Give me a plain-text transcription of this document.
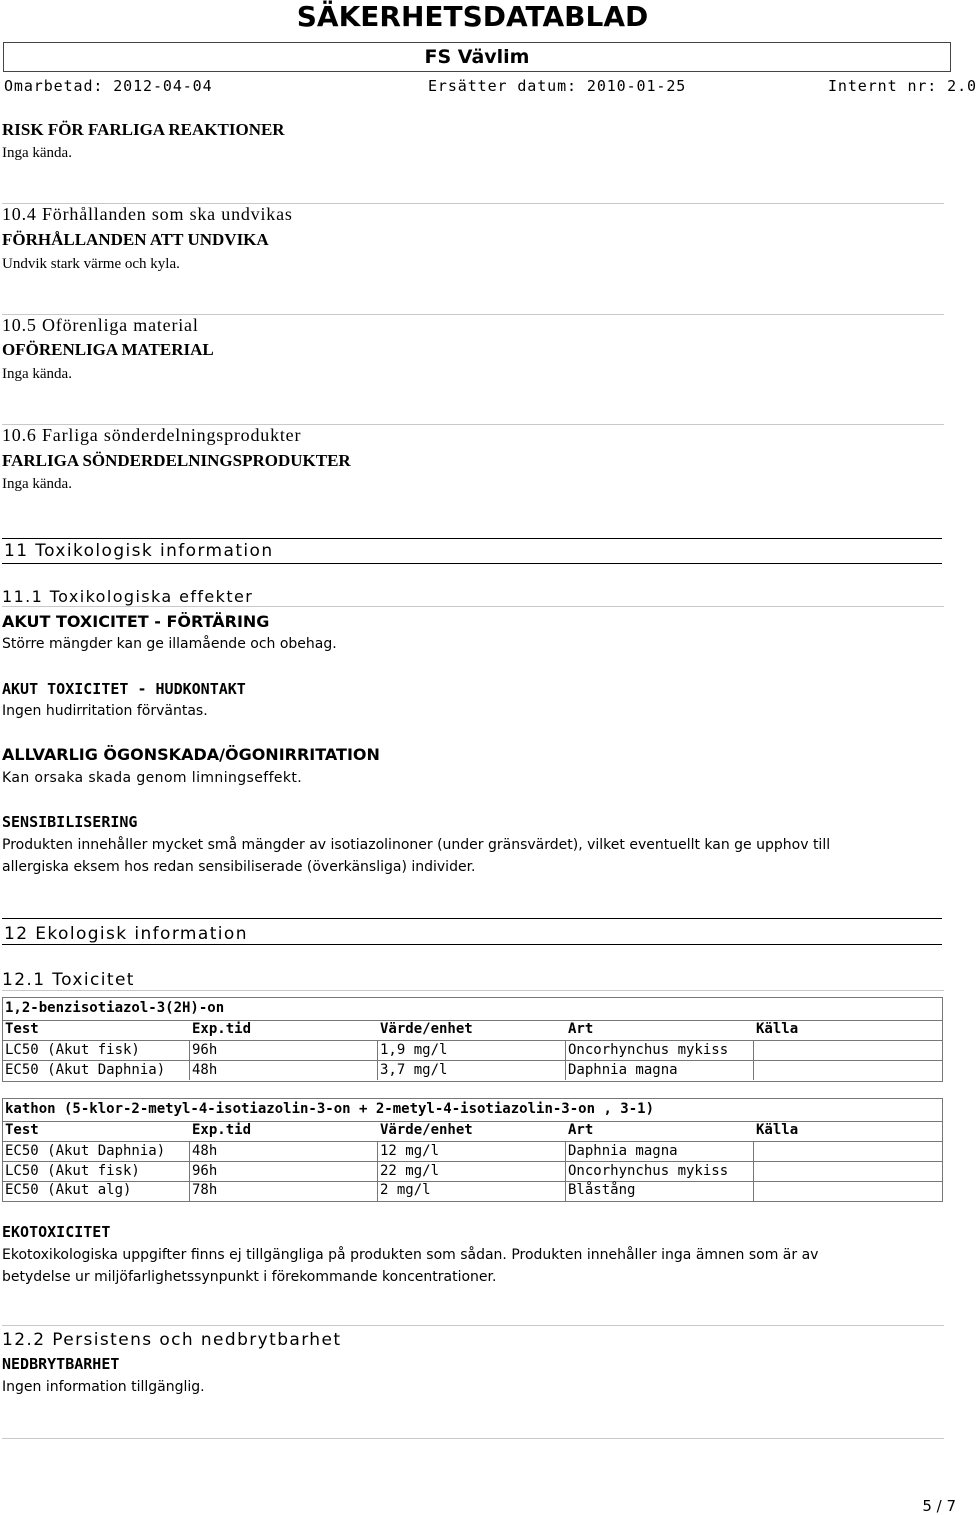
SÄKERHETSDATABLAD
FS Vävlim
Omarbetad: 2012-04-04	Ersätter datum: 2010-01-25	Internt nr: 2.0
RISK FÖR FARLIGA REAKTIONER
Inga kända.
10.4 Förhållanden som ska undvikas
FÖRHÅLLANDEN ATT UNDVIKA
Undvik stark värme och kyla.
10.5 Oförenliga material
OFÖRENLIGA MATERIAL
Inga kända.
10.6 Farliga sönderdelningsprodukter
FARLIGA SÖNDERDELNINGSPRODUKTER
Inga kända.
11 Toxikologisk information
11.1 Toxikologiska effekter
AKUT TOXICITET - FÖRTÄRING
Större mängder kan ge illamående och obehag.
AKUT TOXICITET - HUDKONTAKT
Ingen hudirritation förväntas.
ALLVARLIG ÖGONSKADA/ÖGONIRRITATION
Kan orsaka skada genom limningseffekt.
SENSIBILISERING
Produkten innehåller mycket små mängder av isotiazolinoner (under gränsvärdet), vilket eventuellt kan ge upphov till
allergiska eksem hos redan sensibiliserade (överkänsliga) individer.
12 Ekologisk information
12.1 Toxicitet
1,2-benzisotiazol-3(2H)-on
Test	Exp.tid	Värde/enhet	Art	Källa
LC50 (Akut fisk)	96h	1,9 mg/l	Oncorhynchus mykiss
EC50 (Akut Daphnia) 48h	3,7 mg/l	Daphnia magna
kathon (5-klor-2-metyl-4-isotiazolin-3-on + 2-metyl-4-isotiazolin-3-on , 3-1)
Test	Exp.tid	Värde/enhet	Art	Källa
EC50 (Akut Daphnia) 48h	12 mg/l	Daphnia magna
LC50 (Akut fisk)	96h	22 mg/l	Oncorhynchus mykiss
EC50 (Akut alg)	78h	2 mg/l	Blåstång
EKOTOXICITET
Ekotoxikologiska uppgifter finns ej tillgängliga på produkten som sådan. Produkten innehåller inga ämnen som är av
betydelse ur miljöfarlighetssynpunkt i förekommande koncentrationer.
12.2 Persistens och nedbrytbarhet
NEDBRYTBARHET
Ingen information tillgänglig.
5 / 7
